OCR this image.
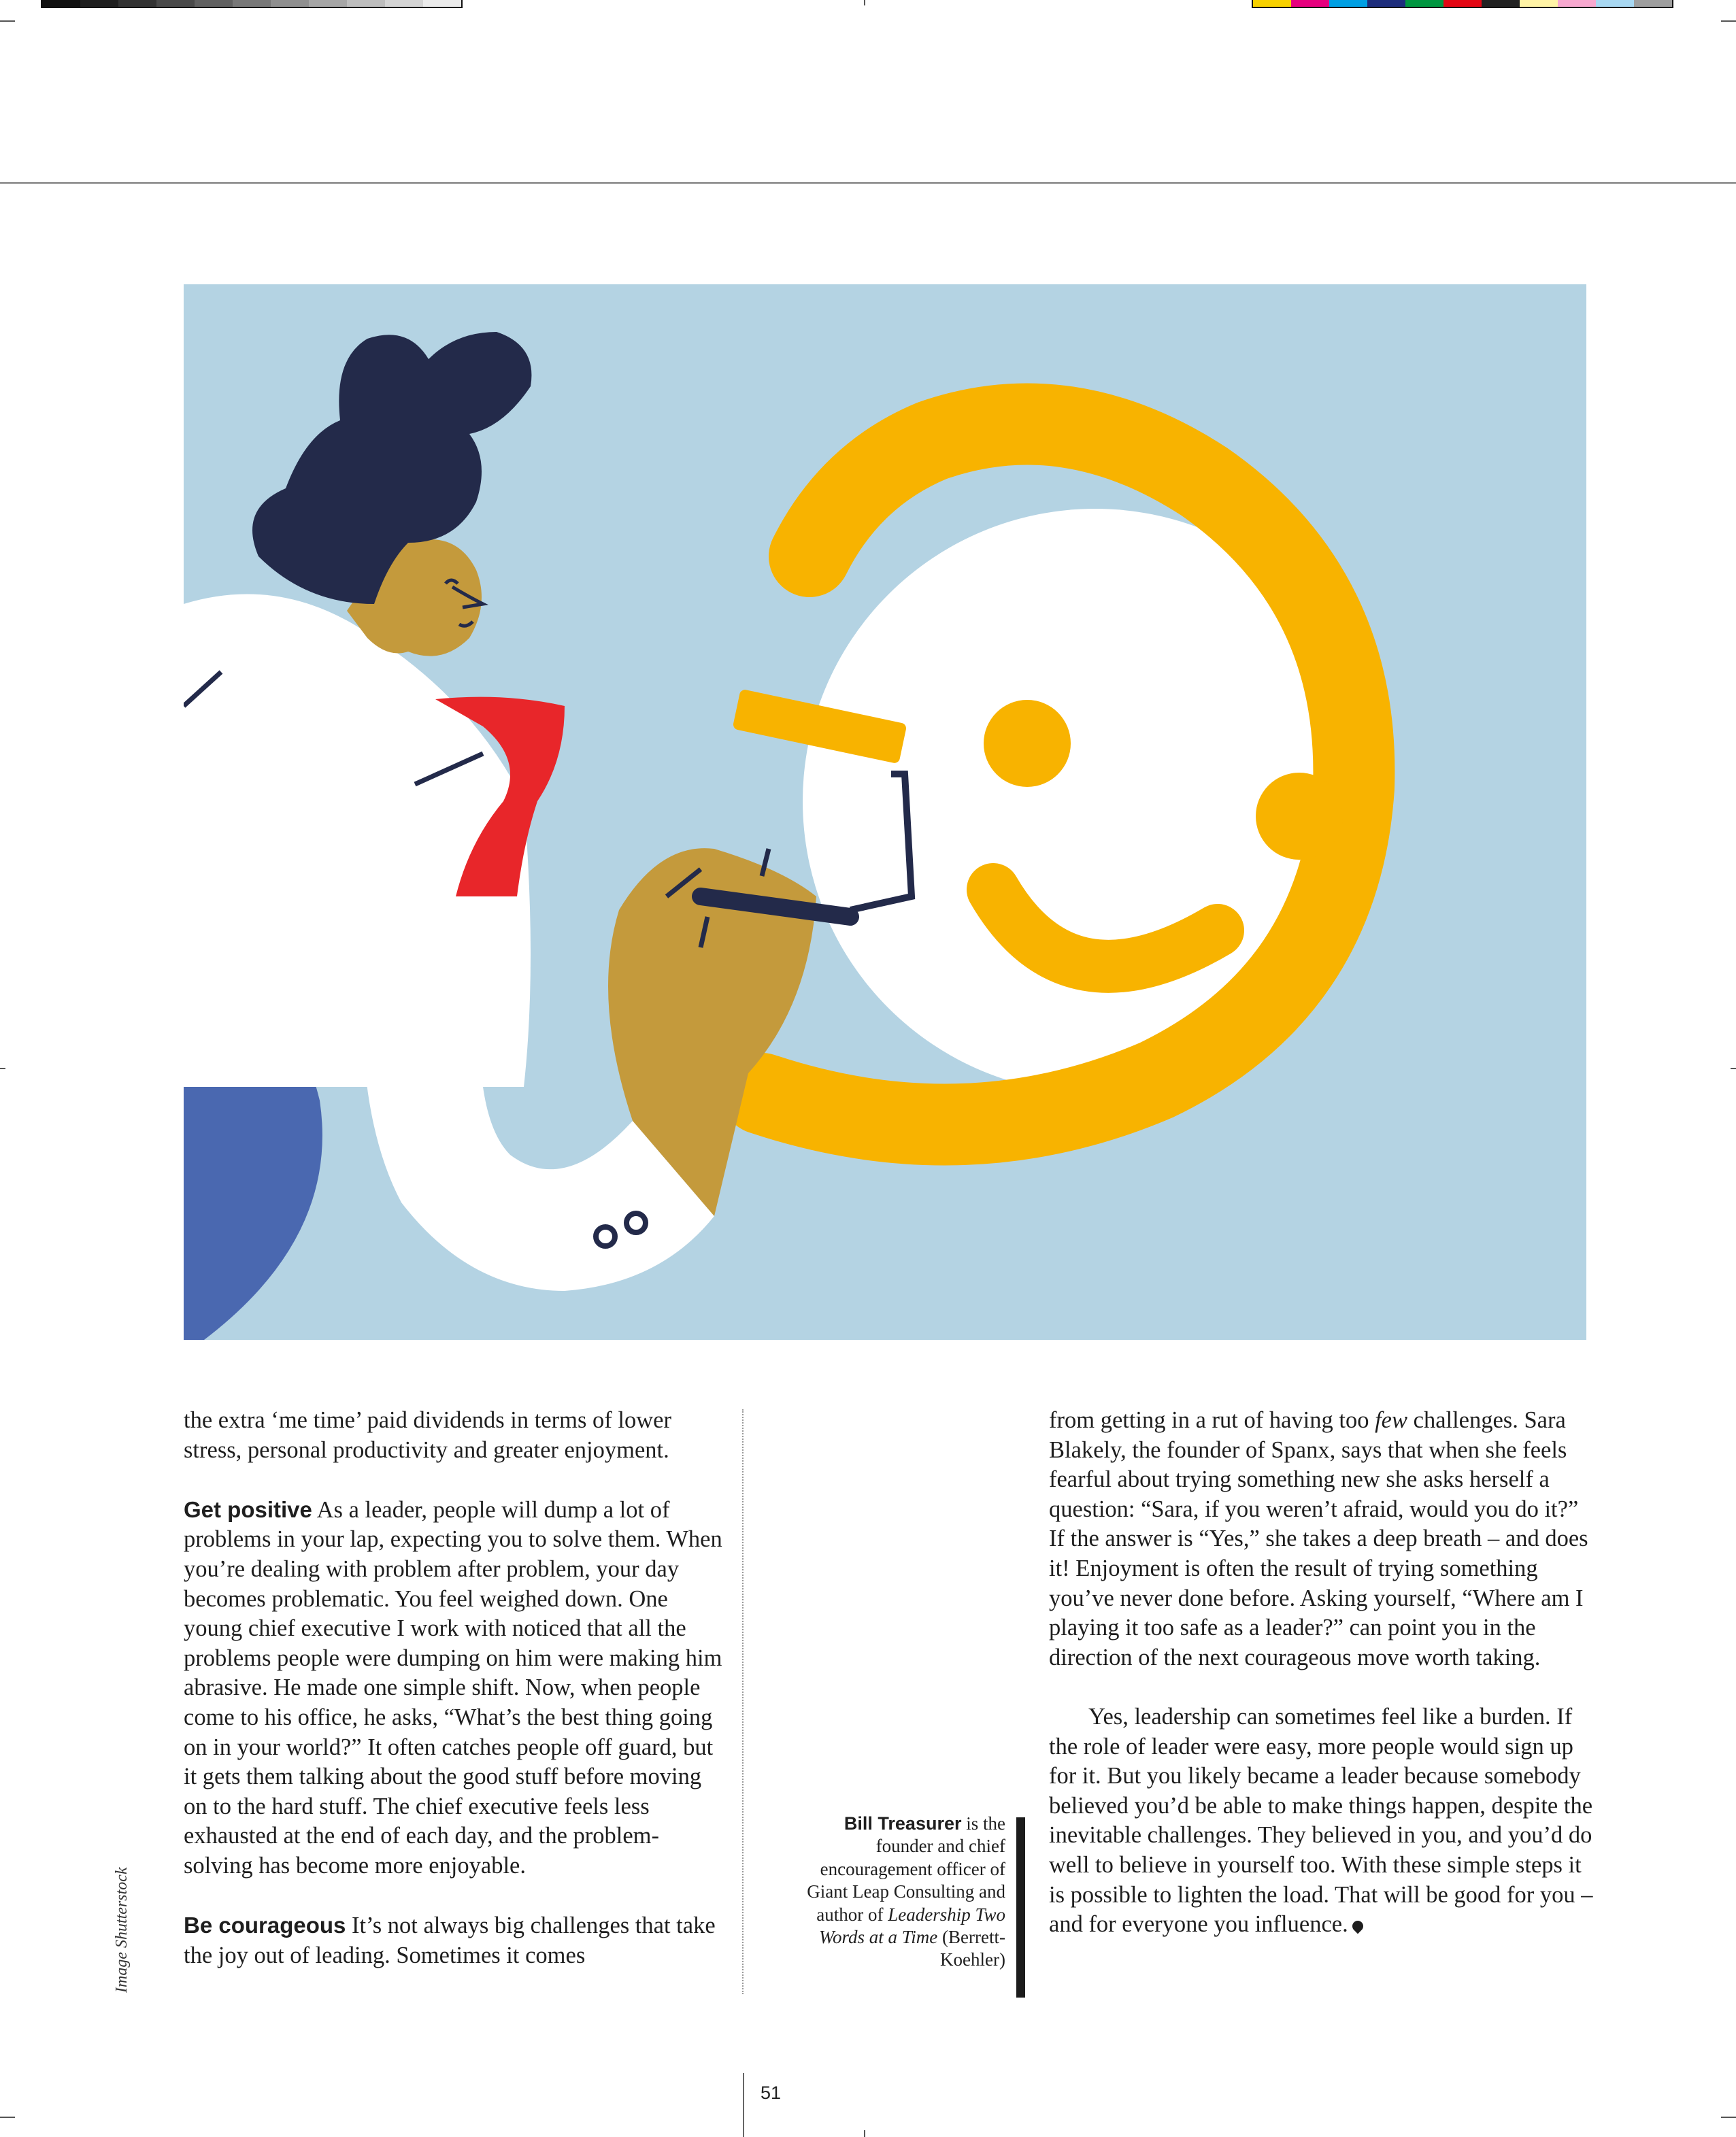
the extra ‘me time’ paid dividends in terms of lower stress, personal productivity and greater enjoyment.

Get positive As a leader, people will dump a lot of problems in your lap, expecting you to solve them. When you’re dealing with problem after problem, your day becomes problematic. You feel weighed down. One young chief executive I work with noticed that all the problems people were dumping on him were making him abrasive. He made one simple shift. Now, when people come to his office, he asks, “What’s the best thing going on in your world?” It often catches people off guard, but it gets them talking about the good stuff before moving on to the hard stuff. The chief executive feels less exhausted at the end of each day, and the problem-solving has become more enjoyable.

Be courageous It’s not always big challenges that take the joy out of leading. Sometimes it comes

Bill Treasurer is the founder and chief encouragement officer of Giant Leap Consulting and author of Leadership Two Words at a Time (Berrett-Koehler)

from getting in a rut of having too few challenges. Sara Blakely, the founder of Spanx, says that when she feels fearful about trying something new she asks herself a question: “Sara, if you weren’t afraid, would you do it?” If the answer is “Yes,” she takes a deep breath – and does it! Enjoyment is often the result of trying something you’ve never done before. Asking yourself, “Where am I playing it too safe as a leader?” can point you in the direction of the next courageous move worth taking.

Yes, leadership can sometimes feel like a burden. If the role of leader were easy, more people would sign up for it. But you likely became a leader because somebody believed you’d be able to make things happen, despite the inevitable challenges. They believed in you, and you’d do well to believe in yourself too. With these simple steps it is possible to lighten the load. That will be good for you – and for everyone you influence.

Image Shutterstock
51
